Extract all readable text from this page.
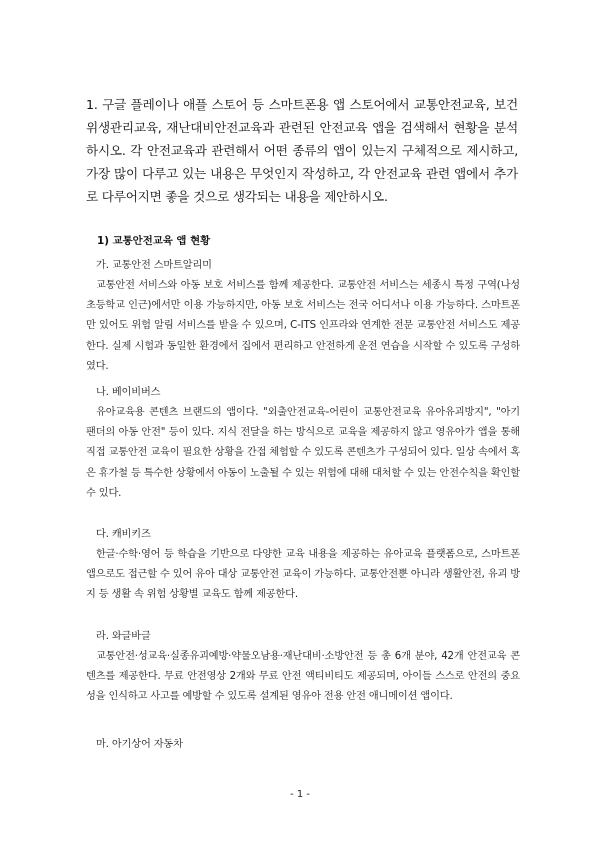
1. 구글 플레이나 애플 스토어 등 스마트폰용 앱 스토어에서 교통안전교육, 보건위생관리교육, 재난대비안전교육과 관련된 안전교육 앱을 검색해서 현황을 분석하시오. 각 안전교육과 관련해서 어떤 종류의 앱이 있는지 구체적으로 제시하고, 가장 많이 다루고 있는 내용은 무엇인지 작성하고, 각 안전교육 관련 앱에서 추가로 다루어지면 좋을 것으로 생각되는 내용을 제안하시오.

1) 교통안전교육 앱 현황

가. 교통안전 스마트알리미

교통안전 서비스와 아동 보호 서비스를 함께 제공한다. 교통안전 서비스는 세종시 특정 구역(나성초등학교 인근)에서만 이용 가능하지만, 아동 보호 서비스는 전국 어디서나 이용 가능하다. 스마트폰만 있어도 위험 알림 서비스를 받을 수 있으며, C-ITS 인프라와 연계한 전문 교통안전 서비스도 제공한다. 실제 시험과 동일한 환경에서 집에서 편리하고 안전하게 운전 연습을 시작할 수 있도록 구성하였다.

나. 베이비버스

유아교육용 콘텐츠 브랜드의 앱이다. "외출안전교육-어린이 교통안전교육 유아유괴방지", "아기 팬더의 아동 안전" 등이 있다. 지식 전달을 하는 방식으로 교육을 제공하지 않고 영유아가 앱을 통해 직접 교통안전 교육이 필요한 상황을 간접 체험할 수 있도록 콘텐츠가 구성되어 있다. 일상 속에서 혹은 휴가철 등 특수한 상황에서 아동이 노출될 수 있는 위험에 대해 대처할 수 있는 안전수칙을 확인할 수 있다.

다. 캐비키즈

한글·수학·영어 등 학습을 기반으로 다양한 교육 내용을 제공하는 유아교육 플랫폼으로, 스마트폰 앱으로도 접근할 수 있어 유아 대상 교통안전 교육이 가능하다. 교통안전뿐 아니라 생활안전, 유괴 방지 등 생활 속 위험 상황별 교육도 함께 제공한다.

라. 와글바글

교통안전·성교육·실종유괴예방·약물오남용·재난대비·소방안전 등 총 6개 분야, 42개 안전교육 콘텐츠를 제공한다. 무료 안전영상 2개와 무료 안전 액티비티도 제공되며, 아이들 스스로 안전의 중요성을 인식하고 사고를 예방할 수 있도록 설계된 영유아 전용 안전 애니메이션 앱이다.

마. 아기상어 자동차

- 1 -
